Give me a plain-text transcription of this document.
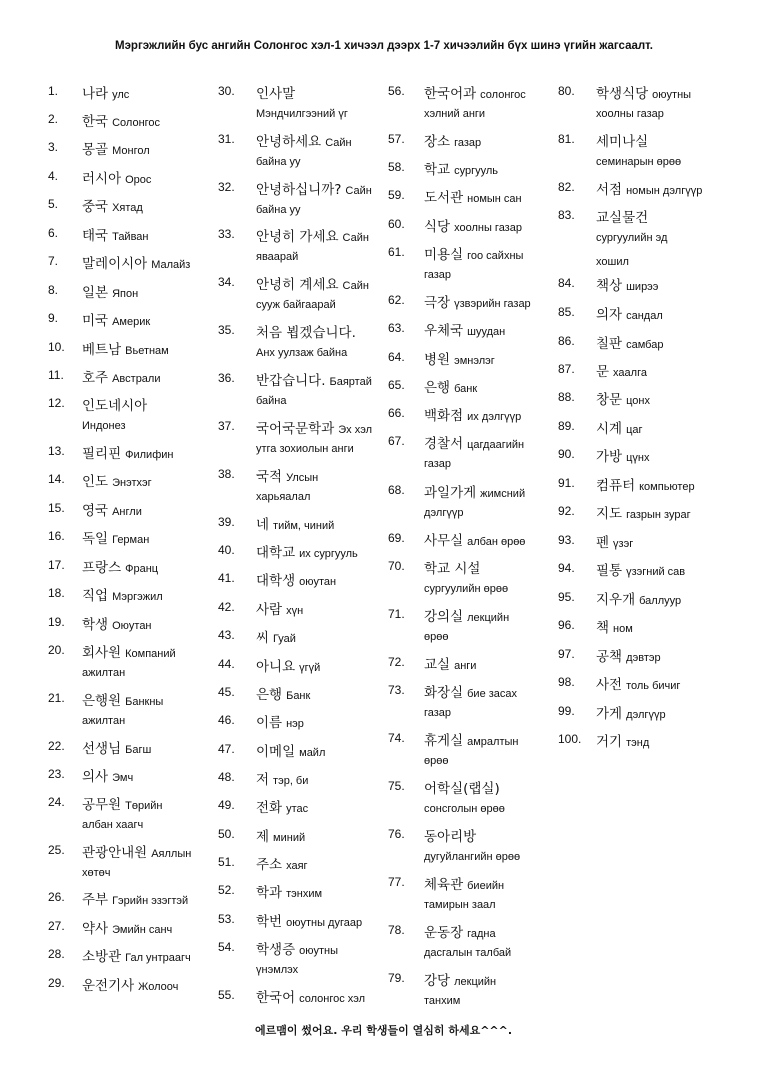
Мэргэжлийн бус ангийн Солонгос хэл-1 хичээл дээрх 1-7 хичээлийн бүх шинэ үгийн жагсаалт.
1. 나라 улс
2. 한국 Солонгос
3. 몽골 Монгол
4. 러시아 Орос
5. 중국 Хятад
6. 태국 Тайван
7. 말레이시아 Малайз
8. 일본 Япон
9. 미국 Америк
10. 베트남 Вьетнам
11. 호주 Австрали
12. 인도네시아
Индонез
13. 필리핀 Филифин
14. 인도 Энэтхэг
15. 영국 Англи
16. 독일 Герман
17. 프랑스 Франц
18. 직업 Мэргэжил
19. 학생 Оюутан
20. 회사원 Компаний
ажилтан
21. 은행원 Банкны
ажилтан
22. 선생님 Багш
23. 의사 Эмч
24. 공무원 Төрийн
албан хаагч
25. 관광안내원 Аяллын
хөтөч
26. 주부 Гэрийн эзэгтэй
27. 약사 Эмийн санч
28. 소방관 Гал унтраагч
29. 운전기사 Жолооч
30. 인사말
Мэндчилгээний үг
31. 안녕하세요 Сайн
байна уу
32. 안녕하십니까? Сайн
байна уу
33. 안녕히 가세요 Сайн
яваарай
34. 안녕히 계세요 Сайн
сууж байгаарай
35. 처음 뵙겠습니다.
Анх уулзаж байна
36. 반갑습니다. Баяртай
байна
37. 국어국문학과 Эх хэл
утга зохиолын анги
38. 국적 Улсын
харьяалал
39. 네 тийм, чиний
40. 대학교 их сургууль
41. 대학생 оюутан
42. 사람 хүн
43. 씨 Гуай
44. 아니요 үгүй
45. 은행 Банк
46. 이름 нэр
47. 이메일 майл
48. 저 тэр, би
49. 전화 утас
50. 제 миний
51. 주소 хаяг
52. 학과 тэнхим
53. 학번 оюутны дугаар
54. 학생증 оюутны
үнэмлэх
55. 한국어 солонгос хэл
56. 한국어과 солонгос
хэлний анги
57. 장소 газар
58. 학교 сургууль
59. 도서관 номын сан
60. 식당 хоолны газар
61. 미용실 гоо сайхны
газар
62. 극장 үзвэрийн газар
63. 우체국 шуудан
64. 병원 эмнэлэг
65. 은행 банк
66. 백화점 их дэлгүүр
67. 경찰서 цагдаагийн
газар
68. 과일가게 жимсний
дэлгүүр
69. 사무실 албан өрөө
70. 학교 시설
сургуулийн өрөө
71. 강의실 лекцийн
өрөө
72. 교실 анги
73. 화장실 бие засах
газар
74. 휴게실 амралтын
өрөө
75. 어학실(랩실)
сонсголын өрөө
76. 동아리방
дугуйлангийн өрөө
77. 체육관 биеийн
тамирын заал
78. 운동장 гадна
дасгалын талбай
79. 강당 лекцийн
танхим
80. 학생식당 оюутны
хоолны газар
81. 세미나실
семинарын өрөө
82. 서점 номын дэлгүүр
83. 교실물건
сургуулийн эд
84. 책상 ширээ
85. 의자 сандал
86. 칠판 самбар
87. 문 хаалга
88. 창문 цонх
89. 시계 цаг
90. 가방 цүнх
91. 컴퓨터 компьютер
92. 지도 газрын зураг
93. 펜 үзэг
94. 필통 үзэгний сав
95. 지우개 баллуур
96. 책 ном
97. 공책 дэвтэр
98. 사전 толь бичиг
99. 가게 дэлгүүр
100. 거기 тэнд
хошил
에르맴이 썼어요. 우리 학생들이 열심히 하세요^^^.
